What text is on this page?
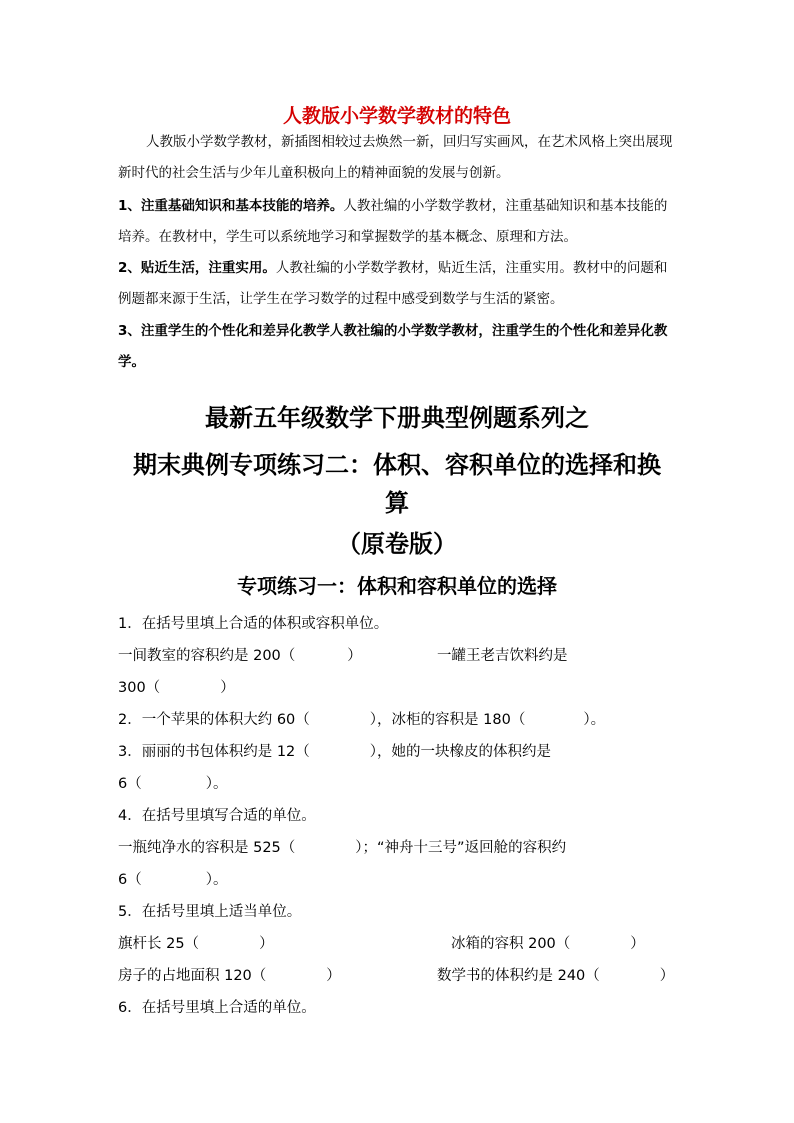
人教版小学数学教材的特色
人教版小学数学教材，新插图相较过去焕然一新，回归写实画风，在艺术风格上突出展现新时代的社会生活与少年儿童积极向上的精神面貌的发展与创新。
1、注重基础知识和基本技能的培养。人教社编的小学数学教材，注重基础知识和基本技能的培养。在教材中，学生可以系统地学习和掌握数学的基本概念、原理和方法。
2、贴近生活，注重实用。人教社编的小学数学教材，贴近生活，注重实用。教材中的问题和例题都来源于生活，让学生在学习数学的过程中感受到数学与生活的紧密。
3、注重学生的个性化和差异化教学人教社编的小学数学教材，注重学生的个性化和差异化教学。
最新五年级数学下册典型例题系列之
期末典例专项练习二：体积、容积单位的选择和换
算
（原卷版）
专项练习一：体积和容积单位的选择
1．在括号里填上合适的体积或容积单位。
一间教室的容积约是 200（	）	一罐王老吉饮料约是
300（	）
2．一个苹果的体积大约 60（	），冰柜的容积是 180（	）。
3．丽丽的书包体积约是 12（	），她的一块橡皮的体积约是
6（	）。
4．在括号里填写合适的单位。
一瓶纯净水的容积是 525（	）；“神舟十三号”返回舱的容积约
6（	）。
5．在括号里填上适当单位。
旗杆长 25（	）	冰箱的容积 200（	）
房子的占地面积 120（	）	数学书的体积约是 240（	）
6．在括号里填上合适的单位。
